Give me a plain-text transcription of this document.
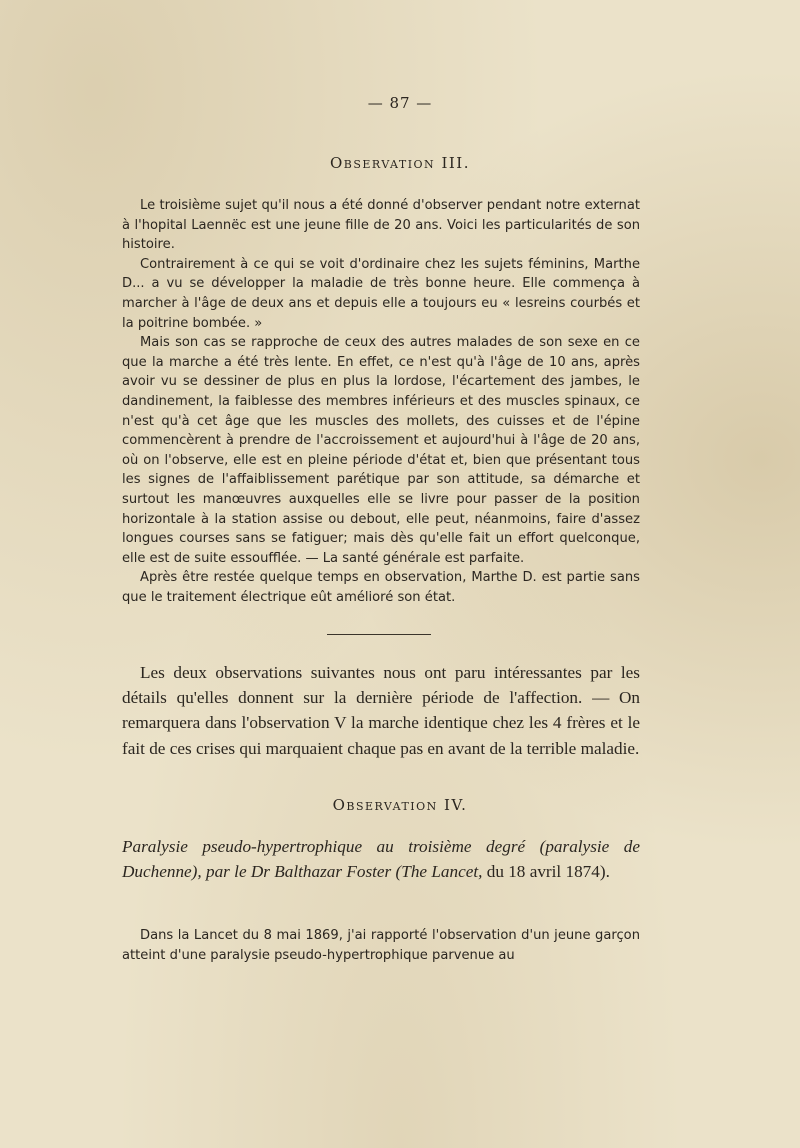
— 87 —
Observation III.

Le troisième sujet qu'il nous a été donné d'observer pendant notre externat à l'hopital Laennëc est une jeune fille de 20 ans. Voici les particularités de son histoire.

Contrairement à ce qui se voit d'ordinaire chez les sujets féminins, Marthe D... a vu se développer la maladie de très bonne heure. Elle commença à marcher à l'âge de deux ans et depuis elle a toujours eu « lesreins courbés et la poitrine bombée. »

Mais son cas se rapproche de ceux des autres malades de son sexe en ce que la marche a été très lente. En effet, ce n'est qu'à l'âge de 10 ans, après avoir vu se dessiner de plus en plus la lordose, l'écartement des jambes, le dandinement, la faiblesse des membres inférieurs et des muscles spinaux, ce n'est qu'à cet âge que les muscles des mollets, des cuisses et de l'épine commencèrent à prendre de l'accroissement et aujourd'hui à l'âge de 20 ans, où on l'observe, elle est en pleine période d'état et, bien que présentant tous les signes de l'affaiblissement parétique par son attitude, sa démarche et surtout les manœuvres auxquelles elle se livre pour passer de la position horizontale à la station assise ou debout, elle peut, néanmoins, faire d'assez longues courses sans se fatiguer; mais dès qu'elle fait un effort quelconque, elle est de suite essoufflée. — La santé générale est parfaite.

Après être restée quelque temps en observation, Marthe D. est partie sans que le traitement électrique eût amélioré son état.

Les deux observations suivantes nous ont paru intéressantes par les détails qu'elles donnent sur la dernière période de l'affection. — On remarquera dans l'observation V la marche identique chez les 4 frères et le fait de ces crises qui marquaient chaque pas en avant de la terrible maladie.

Observation IV.

Paralysie pseudo-hypertrophique au troisième degré (paralysie de Duchenne), par le Dr Balthazar Foster (The Lancet, du 18 avril 1874).

Dans la Lancet du 8 mai 1869, j'ai rapporté l'observation d'un jeune garçon atteint d'une paralysie pseudo-hypertrophique parvenue au
